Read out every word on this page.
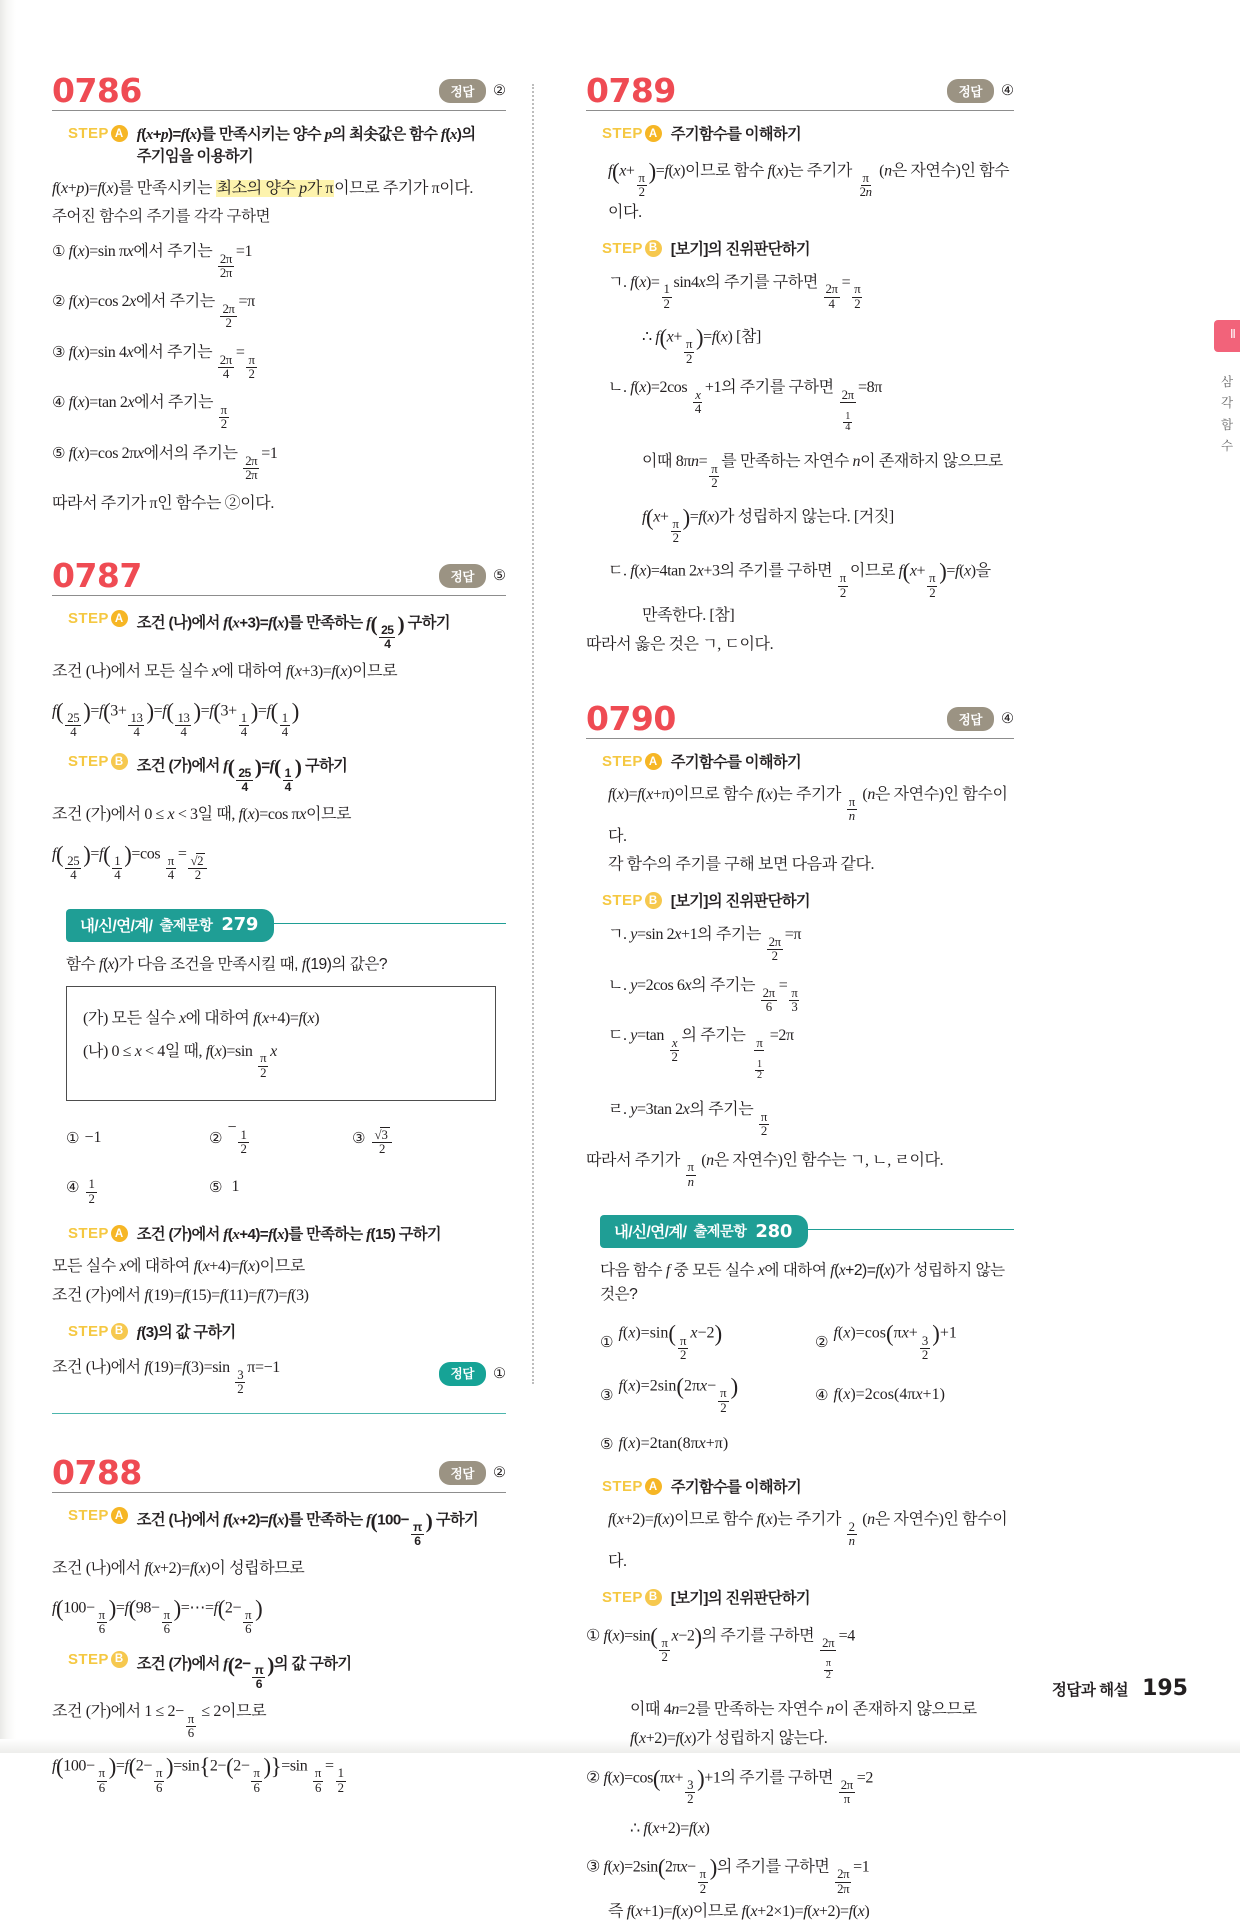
Ⅱ
삼 각 함 수
0786	정답	②
STEP A f(x+p)=f(x)를 만족시키는 양수 p의 최솟값은 함수 f(x)의
주기임을 이용하기
f(x+p)=f(x)를 만족시키는 최소의 양수 p가 π이므로 주기가 π이다.
주어진 함수의 주기를 각각 구하면
① f(x)=sin πx에서 주기는
$\frac{2\pi}{2\pi}$
=1
② f(x)=cos 2x에서 주기는
$\frac{2\pi}{2}$
=π
③ f(x)=sin 4x에서 주기는
$\frac{2\pi}{4}$
=
$\frac{\pi}{2}$
④ f(x)=tan 2x에서 주기는
$\frac{\pi}{2}$
⑤ f(x)=cos 2πx에서의 주기는
$\frac{2\pi}{2\pi}$
=1
따라서 주기가 π인 함수는 ②이다.
0787	정답	⑤
STEP A 조건 (나)에서 f(x+3)=f(x)를 만족하는 $f( \frac{25}{4}$ ) 구하기
조건 (나)에서 모든 실수 x에 대하여 f(x+3)=f(x)이므로
f(
$\frac{25}{4}$
)=f(3+
$\frac{13}{4}$
)=f(
$\frac{13}{4}$
)=f(3+
$\frac{1}{4}$
)=f(
$\frac{1}{4}$
)
STEP B 조건 (가)에서 $f( \frac{25}{4} )=f( \frac{1}{4}$ ) 구하기
조건 (가)에서 0 ≤ x < 3일 때, f(x)=cos πx이므로
f(
$\frac{25}{4}$
)=f(
$\frac{1}{4}$
)=cos
$\frac{\pi}{4}$
=
$\frac{√2}{2}$
내/신/연/계/ 출제문항 279
함수 f(x)가 다음 조건을 만족시킬 때, f(19)의 값은?
(가) 모든 실수 x에 대하여 f(x+4)=f(x)
(나) 0 ≤ x < 4일 때, f(x)=sin
$\frac{\pi}{2}$
x
① −1	②
−
$\frac{1}{2}$	③ $\frac{√3}{2}$
④ $\frac{1}{2}$	⑤ 1
STEP A 조건 (가)에서 f(x+4)=f(x)를 만족하는 f(15) 구하기
모든 실수 x에 대하여 f(x+4)=f(x)이므로
조건 (가)에서 f(19)=f(15)=f(11)=f(7)=f(3)
STEP B f(3)의 값 구하기
조건 (나)에서 f(19)=f(3)=sin
$\frac{3}{2}$
π=−1	정답	①
0788	정답	②
STEP A 조건 (나)에서 f(x+2)=f(x)를 만족하는 f(100−
$\frac{\pi}{6}$ ) 구하기
조건 (나)에서 f(x+2)=f(x)이 성립하므로
f(100−
$\frac{\pi}{6}$
)=f(98−
$\frac{\pi}{6}$
)=⋯=f(2−
$\frac{\pi}{6}$
)
STEP B 조건 (가)에서 f(2−
$\frac{\pi}{6}$ )의 값 구하기
조건 (가)에서 1 ≤ 2−
$\frac{\pi}{6}$
≤ 2이므로
f(100−
$\frac{\pi}{6}$
)=f(2−
$\frac{\pi}{6}$
)=sin{2−(2−
$\frac{\pi}{6}$
)}=sin
$\frac{\pi}{6}$
=
$\frac{1}{2}$
0789	정답	④
STEP A 주기함수를 이해하기
f(x+
$\frac{\pi}{2}$
)=f(x)이므로 함수 f(x)는 주기가
$\frac{\pi}{2n}$
(n은 자연수)인 함수이다.
STEP B [보기]의 진위판단하기
ㄱ. f(x)=
$\frac{1}{2}$
sin4x의 주기를 구하면
$\frac{2\pi}{4}$
=
$\frac{\pi}{2}$
∴ f(x+
$\frac{\pi}{2}$
)=f(x) [참]
ㄴ. f(x)=2cos
$\frac{x}{4}$
+1의 주기를 구하면
$\frac{2\pi}{\frac{1}{4}}$
=8π
이때 8πn=
$\frac{\pi}{2}$
를 만족하는 자연수 n이 존재하지 않으므로
f(x+
$\frac{\pi}{2}$
)=f(x)가 성립하지 않는다. [거짓]
ㄷ. f(x)=4tan 2x+3의 주기를 구하면
$\frac{\pi}{2}$
이므로 f(x+
$\frac{\pi}{2}$
)=f(x)을
만족한다. [참]
따라서 옳은 것은 ㄱ, ㄷ이다.
0790	정답	④
STEP A 주기함수를 이해하기
f(x)=f(x+π)이므로 함수 f(x)는 주기가
$\frac{\pi}{n}$
(n은 자연수)인 함수이다.
각 함수의 주기를 구해 보면 다음과 같다.
STEP B [보기]의 진위판단하기
ㄱ. y=sin 2x+1의 주기는
$\frac{2\pi}{2}$
=π
ㄴ. y=2cos 6x의 주기는
$\frac{2\pi}{6}$
=
$\frac{\pi}{3}$
ㄷ. y=tan
$\frac{x}{2}$
의 주기는
$\frac{\pi}{\frac{1}{2}}$
=2π
ㄹ. y=3tan 2x의 주기는
$\frac{\pi}{2}$
따라서 주기가
$\frac{\pi}{n}$
(n은 자연수)인 함수는 ㄱ, ㄴ, ㄹ이다.
내/신/연/계/ 출제문항 280
다음 함수 f 중 모든 실수 x에 대하여 f(x+2)=f(x)가 성립하지 않는
것은?
① f(x)=sin(
$\frac{\pi}{2}$
x−2)	② f(x)=cos(πx+
$\frac{3}{2}$
)+1
③ f(x)=2sin(2πx−
$\frac{\pi}{2}$
)	④ f(x)=2cos(4πx+1)
⑤ f(x)=2tan(8πx+π)
STEP A 주기함수를 이해하기
f(x+2)=f(x)이므로 함수 f(x)는 주기가
$\frac{2}{n}$
(n은 자연수)인 함수이다.
STEP B [보기]의 진위판단하기
① f(x)=sin(
$\frac{\pi}{2}$
x−2)의 주기를 구하면
$\frac{2\pi}{\frac{\pi}{2}}$
=4
이때 4n=2를 만족하는 자연수 n이 존재하지 않으므로
f(x+2)=f(x)가 성립하지 않는다.
② f(x)=cos(πx+
$\frac{3}{2}$
)+1의 주기를 구하면
$\frac{2\pi}{\pi}$
=2
∴ f(x+2)=f(x)
③ f(x)=2sin(2πx−
$\frac{\pi}{2}$
)의 주기를 구하면
$\frac{2\pi}{2\pi}$
=1
즉 f(x+1)=f(x)이므로 f(x+2×1)=f(x+2)=f(x)
정답과 해설 195
